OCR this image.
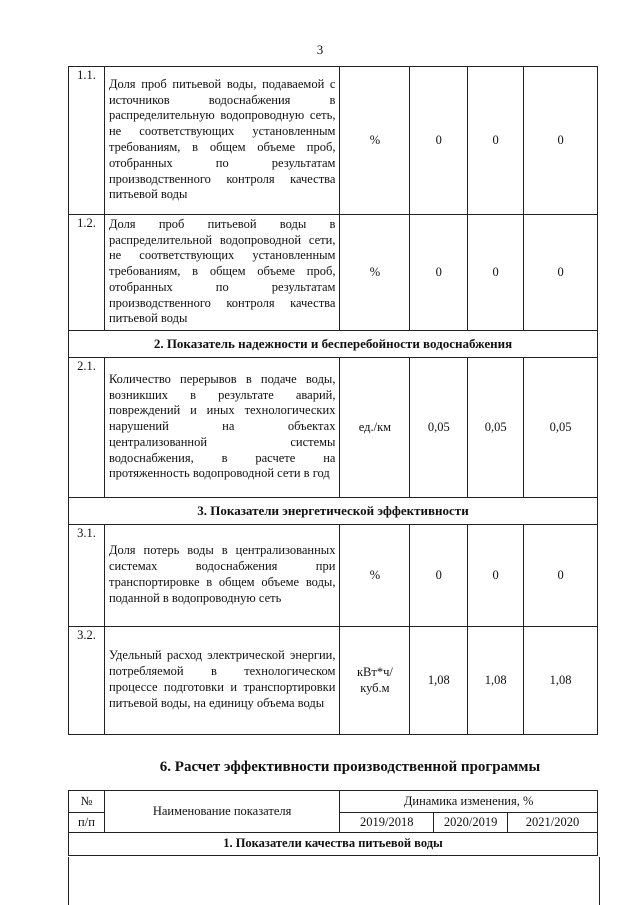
3
1.1.	Доля проб питьевой воды, подаваемой с источников водоснабжения в распределительную водопроводную сеть, не соответствующих установленным требованиям, в общем объеме проб, отобранных по результатам производственного контроля качества питьевой воды	%	0	0	0
1.2.	Доля проб питьевой воды в распределительной водопроводной сети, не соответствующих установленным требованиям, в общем объеме проб, отобранных по результатам производственного контроля качества питьевой воды	%	0	0	0
2. Показатель надежности и бесперебойности водоснабжения					
2.1.	Количество перерывов в подаче воды, возникших в результате аварий, повреждений и иных технологических нарушений на объектах централизованной системы водоснабжения, в расчете на протяженность водопроводной сети в год	ед./км	0,05	0,05	0,05
3. Показатели энергетической эффективности					
3.1.	Доля потерь воды в централизованных системах водоснабжения при транспортировке в общем объеме воды, поданной в водопроводную сеть	%	0	0	0
3.2.	Удельный расход электрической энергии, потребляемой в технологическом процессе подготовки и транспортировки питьевой воды, на единицу объема воды	кВт*ч/ куб.м	1,08	1,08	1,08
6. Расчет эффективности производственной программы
№	Наименование показателя	Динамика изменения, %		
п/п		2019/2018	2020/2019	2021/2020
1. Показатели качества питьевой воды				
